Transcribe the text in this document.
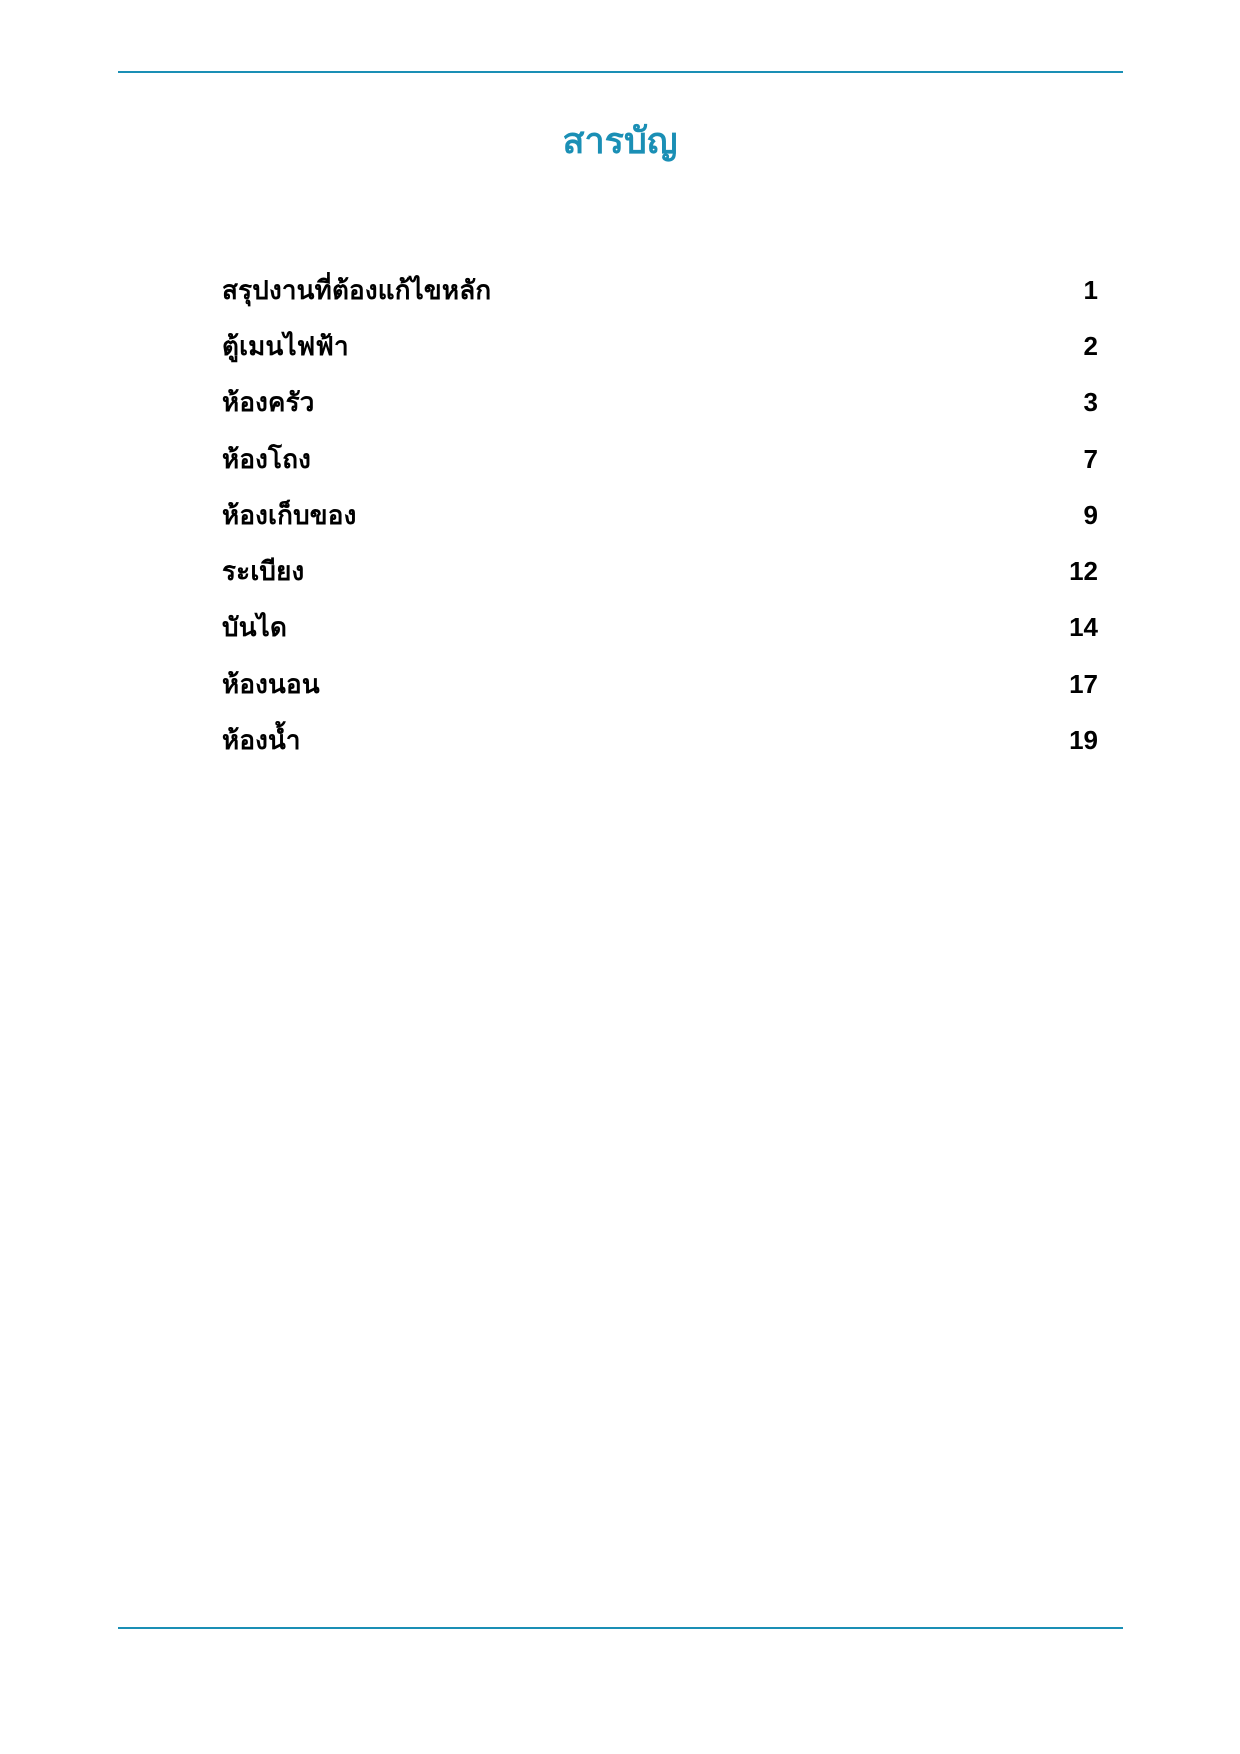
สารบัญ
สรุปงานที่ต้องแก้ไขหลัก	1
ตู้เมนไฟฟ้า	2
ห้องครัว	3
ห้องโถง	7
ห้องเก็บของ	9
ระเบียง	12
บันได	14
ห้องนอน	17
ห้องน้ำ	19
